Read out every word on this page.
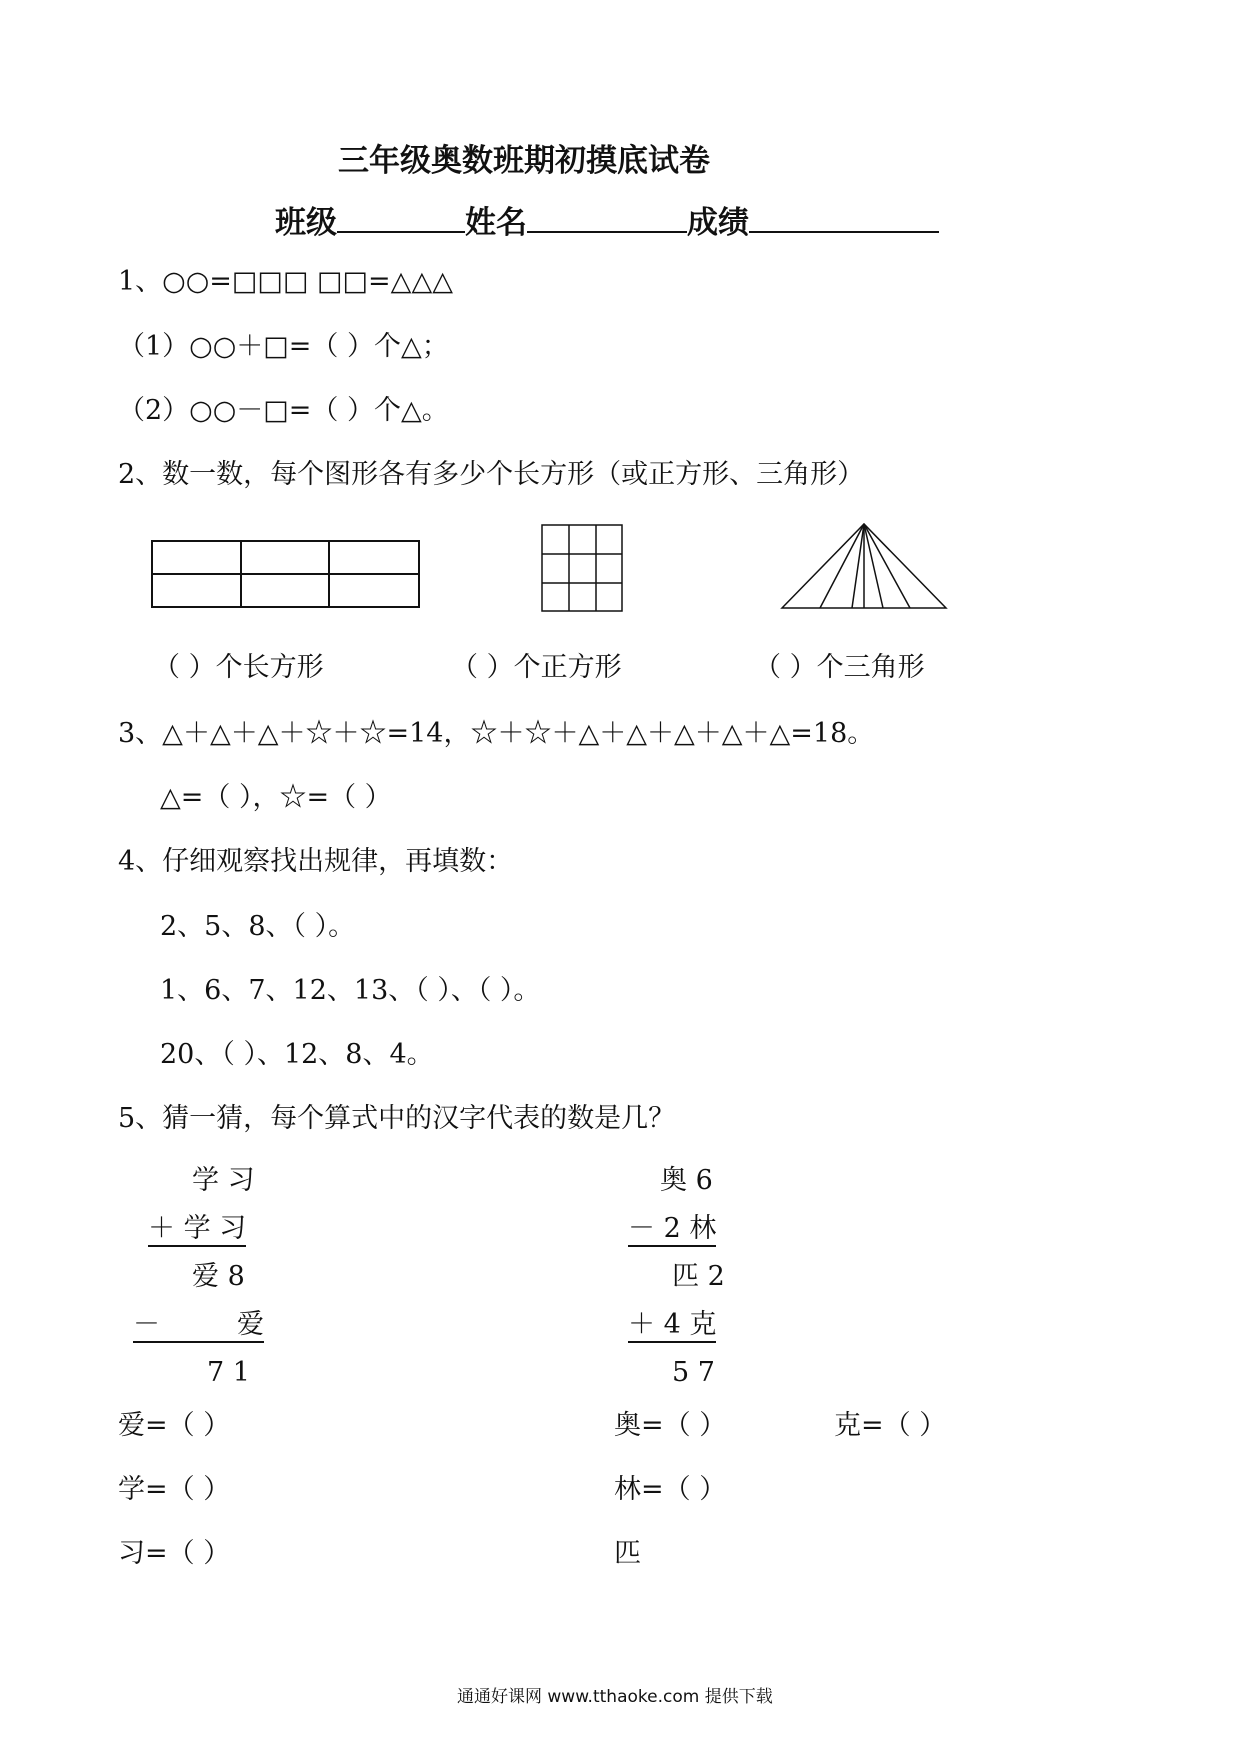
三年级奥数班期初摸底试卷
班级	姓名	成绩
1、○○=□□□ □□=△△△
（1）○○＋□=（ ）个△；
（2）○○－□=（ ）个△。
2、数一数，每个图形各有多少个长方形（或正方形、三角形）
（ ）个长方形	（ ）个正方形	（ ）个三角形
3、△＋△＋△＋☆＋☆=14，☆＋☆＋△＋△＋△＋△＋△=18。
△=（ ），☆=（ ）
4、仔细观察找出规律，再填数：
2、5、8、（ ）。
1、6、7、12、13、（ ）、（ ）。
20、（ ）、12、8、4。
5、猜一猜，每个算式中的汉字代表的数是几？
学 习
＋ 学 习
爱 8
－	爱
7 1
奥 6
－ 2 林
匹 2
＋ 4 克
5 7
爱=（ ）
学=（ ）
习=（ ）
奥=（ ）	克=（ ）
林=（ ）
匹
通通好课网 www.tthaoke.com 提供下载
